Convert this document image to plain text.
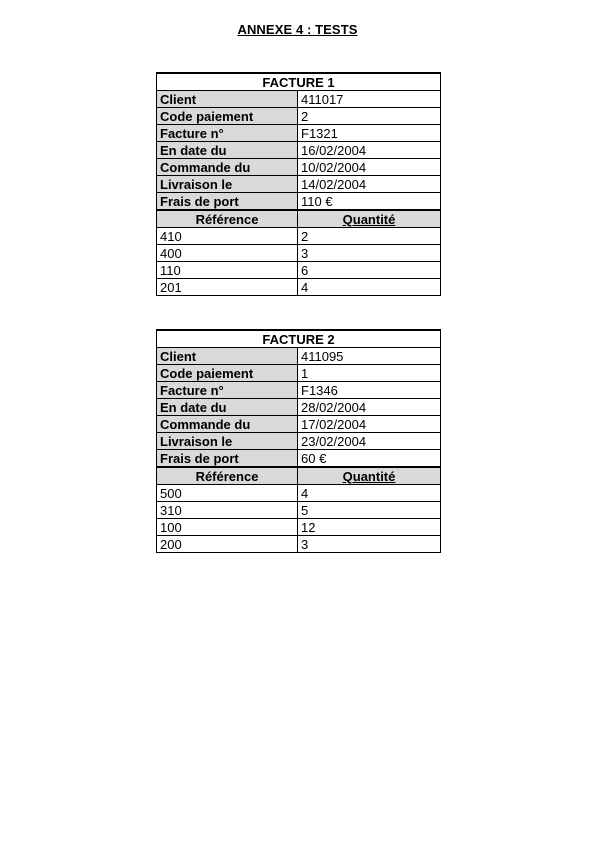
ANNEXE 4 : TESTS
FACTURE 1	
Client	411017
Code paiement	2
Facture n°	F1321
En date du	16/02/2004
Commande du	10/02/2004
Livraison le	14/02/2004
Frais de port	110 €
Référence	Quantité
410	2
400	3
110	6
201	4
FACTURE 2	
Client	411095
Code paiement	1
Facture n°	F1346
En date du	28/02/2004
Commande du	17/02/2004
Livraison le	23/02/2004
Frais de port	60 €
Référence	Quantité
500	4
310	5
100	12
200	3
